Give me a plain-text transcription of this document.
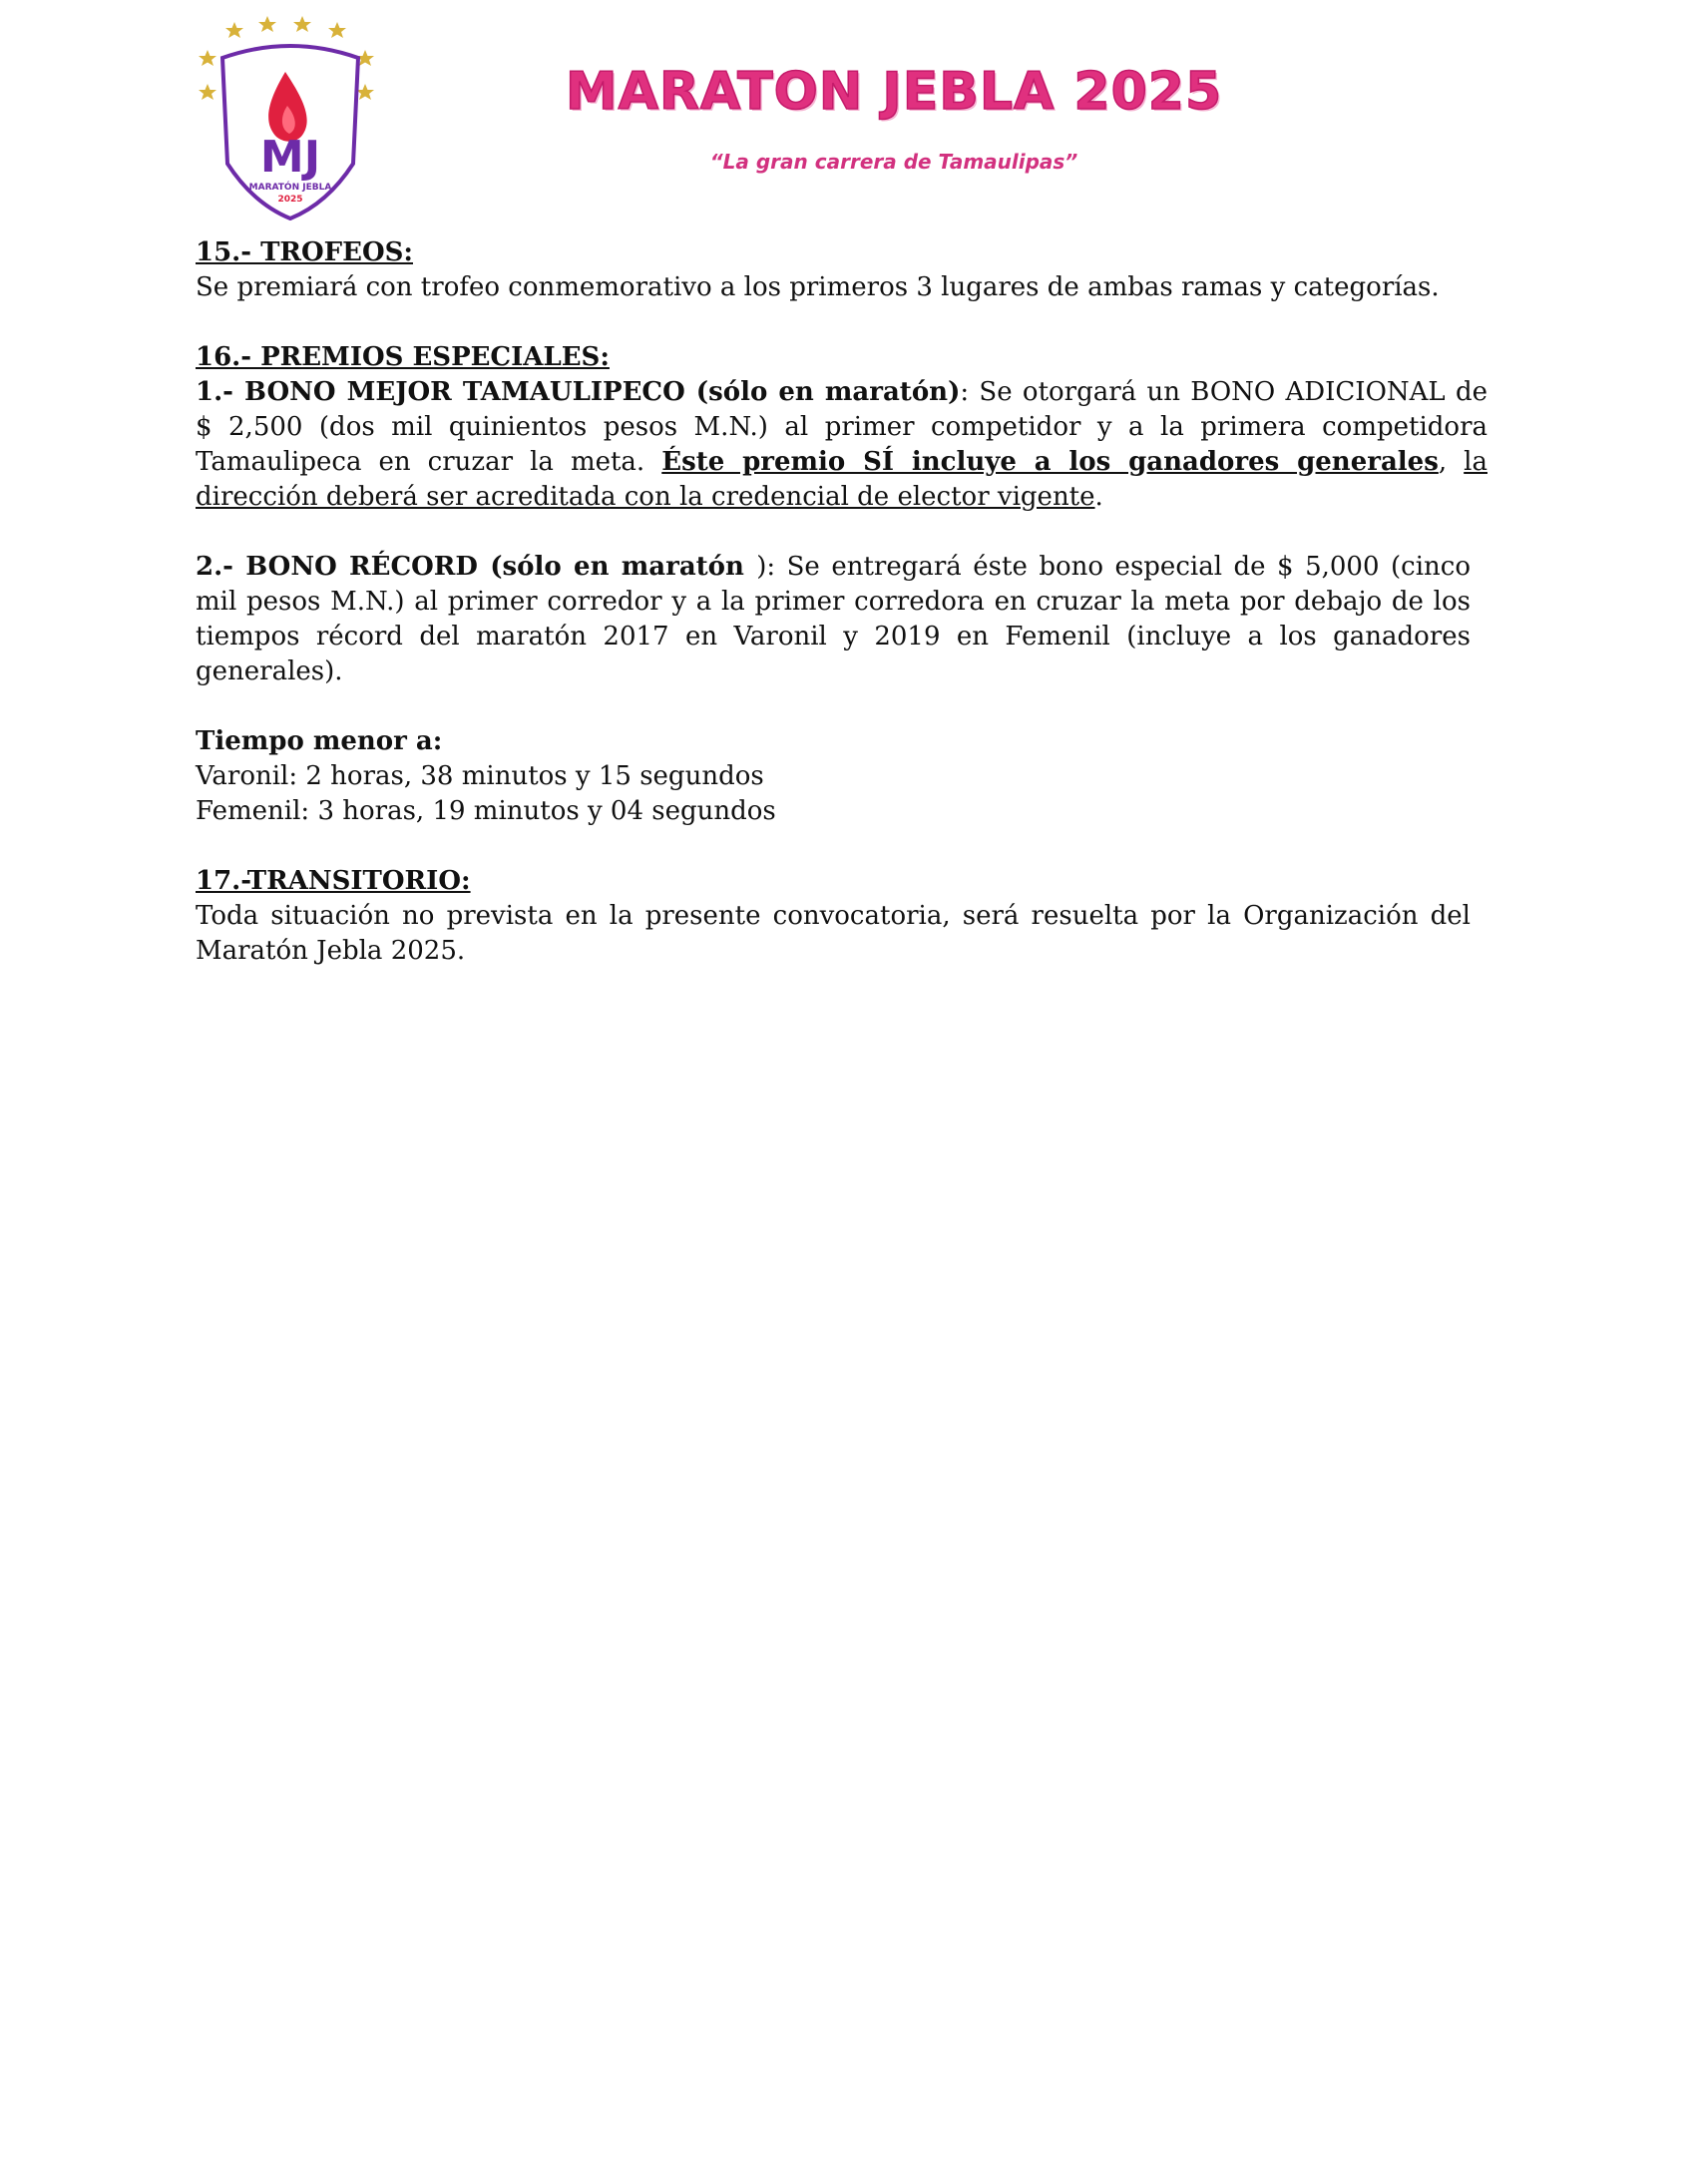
MJ
MARATÓN JEBLA
2025
MARATON JEBLA 2025
“La gran carrera de Tamaulipas”

15.- TROFEOS:

Se premiará con trofeo conmemorativo a los primeros 3 lugares de ambas ramas y categorías.

16.- PREMIOS ESPECIALES:

1.- BONO MEJOR TAMAULIPECO (sólo en maratón): Se otorgará un BONO ADICIONAL de $ 2,500 (dos mil quinientos pesos M.N.) al primer competidor y a la primera competidora Tamaulipeca en cruzar la meta. Éste premio SÍ incluye a los ganadores generales, la dirección deberá ser acreditada con la credencial de elector vigente.

2.- BONO RÉCORD (sólo en maratón ): Se entregará éste bono especial de $ 5,000 (cinco mil pesos M.N.) al primer corredor y a la primer corredora en cruzar la meta por debajo de los tiempos récord del maratón 2017 en Varonil y 2019 en Femenil (incluye a los ganadores generales).

Tiempo menor a:

Varonil: 2 horas, 38 minutos y 15 segundos

Femenil: 3 horas, 19 minutos y 04 segundos

17.-TRANSITORIO:

Toda situación no prevista en la presente convocatoria, será resuelta por la Organización del Maratón Jebla 2025.
